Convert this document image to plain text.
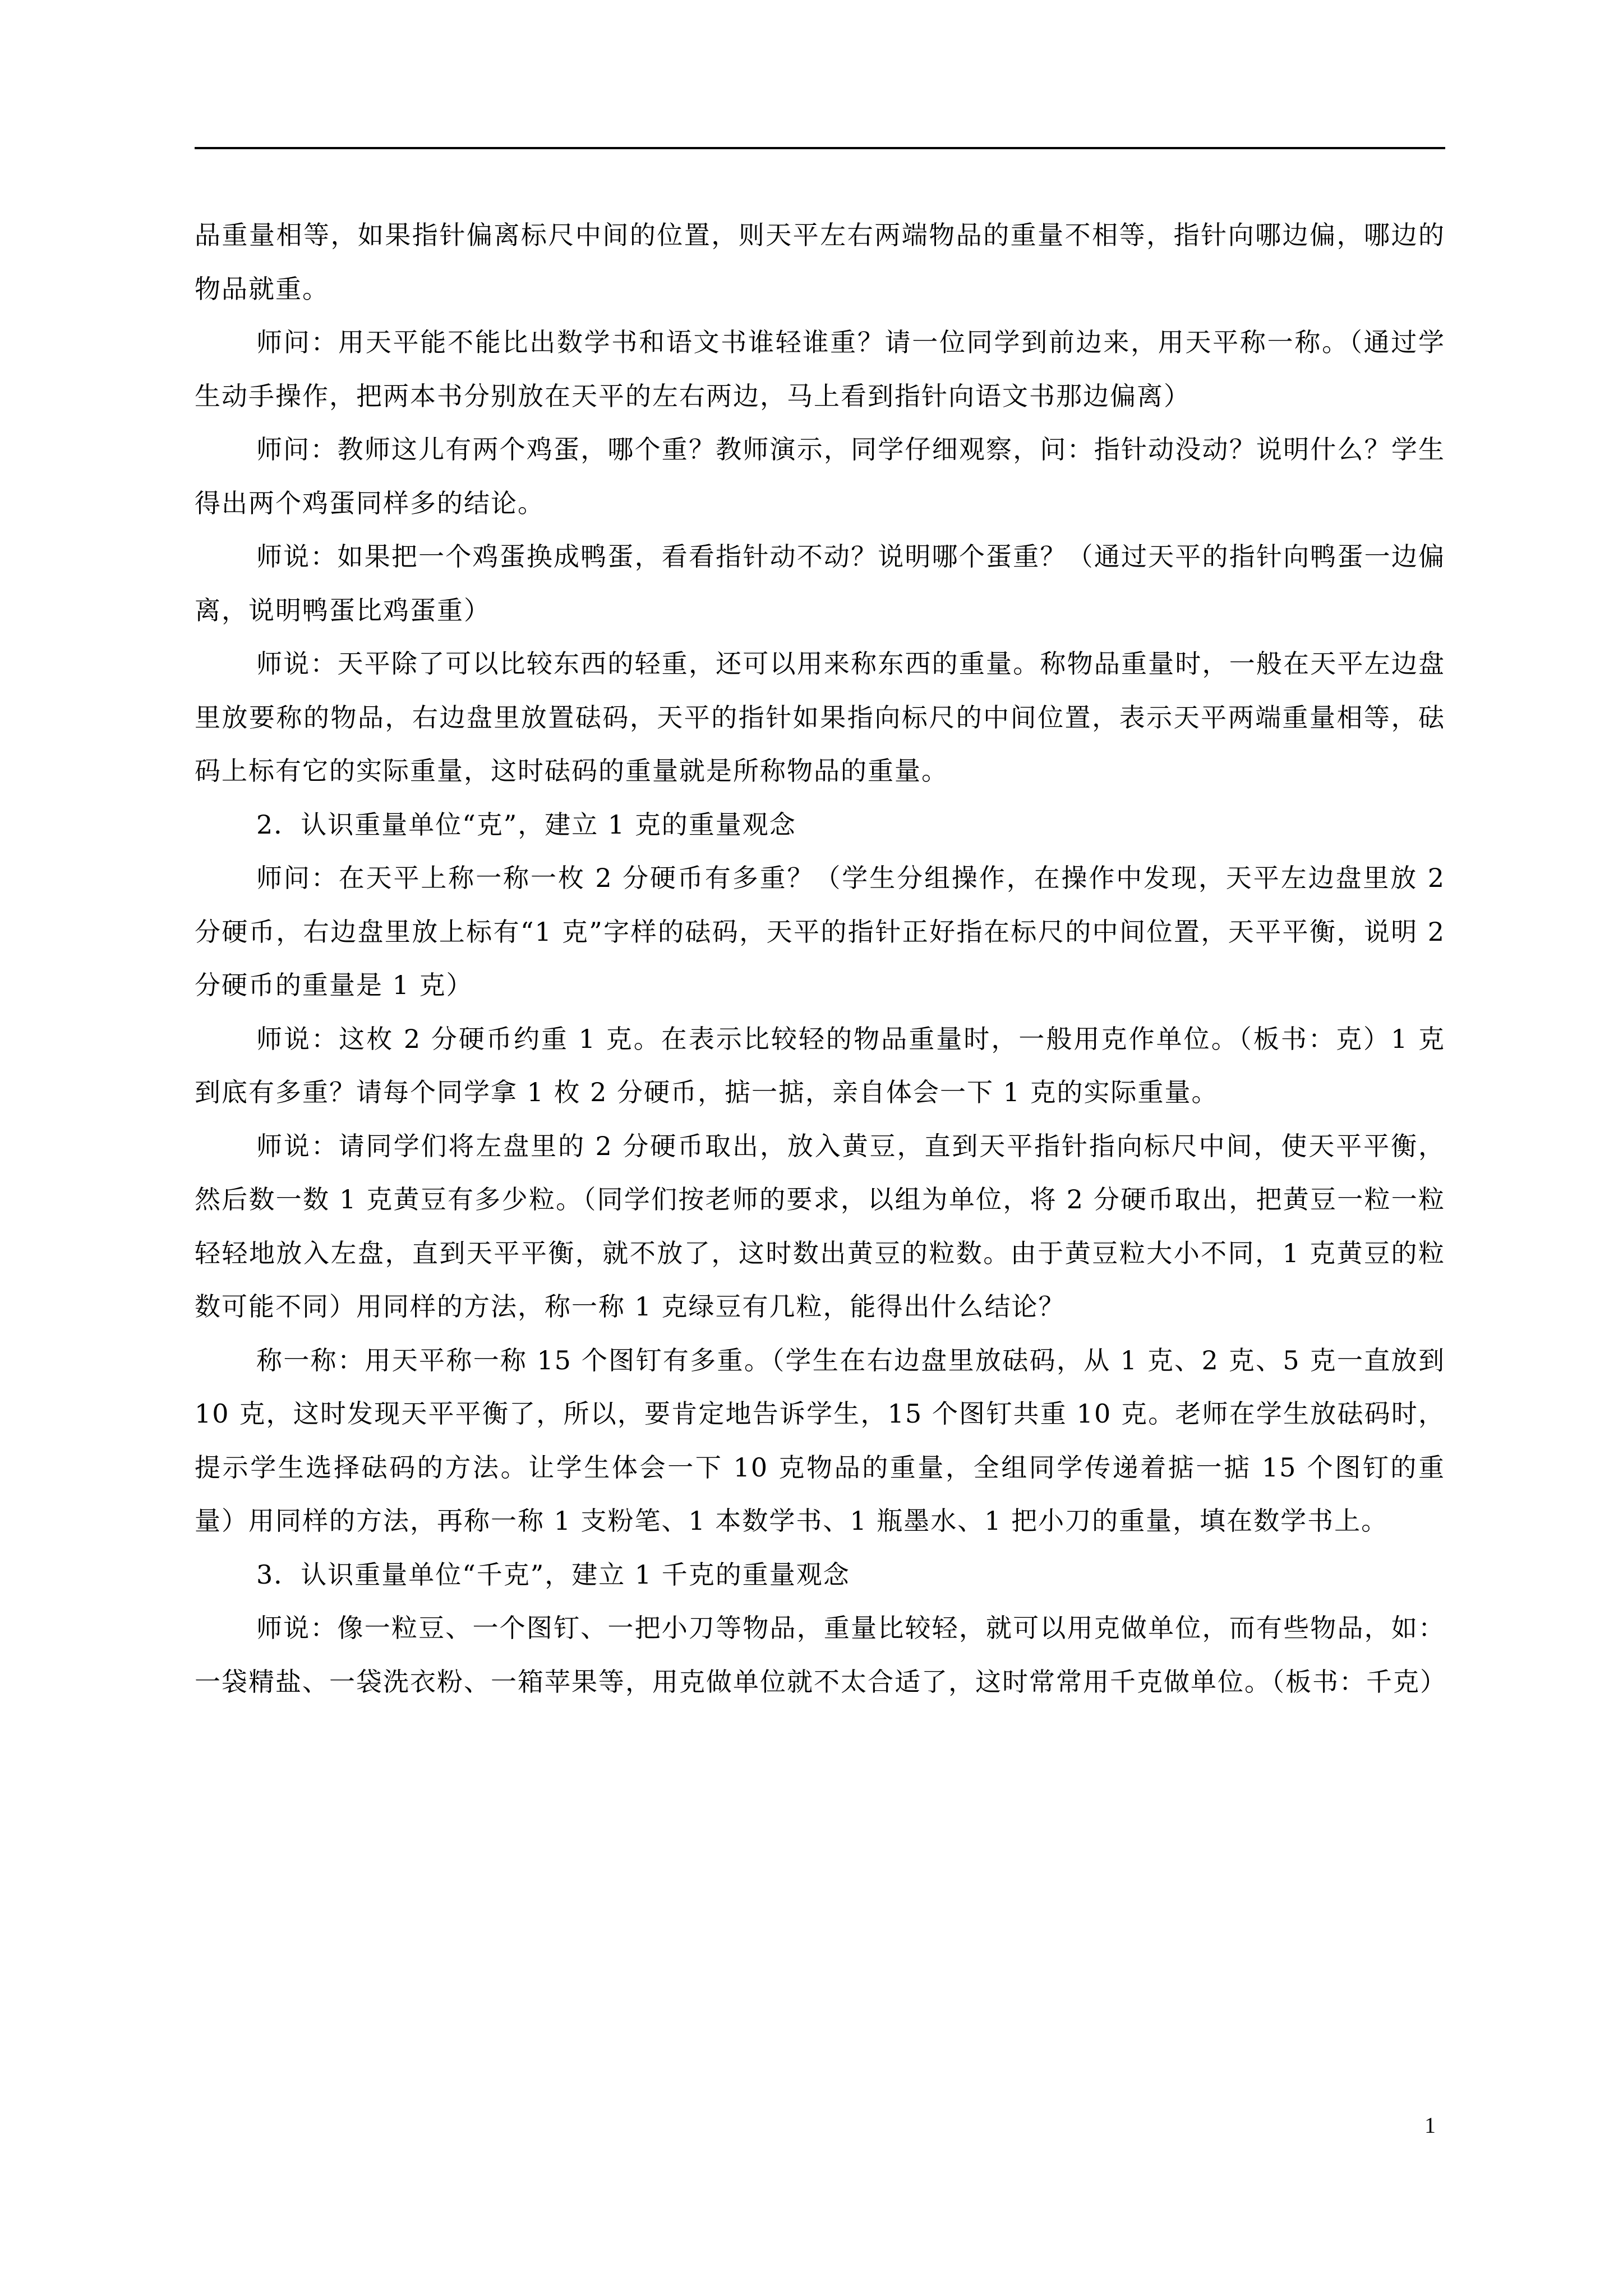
品重量相等，如果指针偏离标尺中间的位置，则天平左右两端物品的重量不相等，指针向哪边偏，哪边的物品就重。

师问：用天平能不能比出数学书和语文书谁轻谁重？请一位同学到前边来，用天平称一称。（通过学生动手操作，把两本书分别放在天平的左右两边，马上看到指针向语文书那边偏离）

师问：教师这儿有两个鸡蛋，哪个重？教师演示，同学仔细观察，问：指针动没动？说明什么？学生得出两个鸡蛋同样多的结论。

师说：如果把一个鸡蛋换成鸭蛋，看看指针动不动？说明哪个蛋重？（通过天平的指针向鸭蛋一边偏离，说明鸭蛋比鸡蛋重）

师说：天平除了可以比较东西的轻重，还可以用来称东西的重量。称物品重量时，一般在天平左边盘里放要称的物品，右边盘里放置砝码，天平的指针如果指向标尺的中间位置，表示天平两端重量相等，砝码上标有它的实际重量，这时砝码的重量就是所称物品的重量。

2．认识重量单位“克”，建立 1 克的重量观念

师问：在天平上称一称一枚 2 分硬币有多重？（学生分组操作，在操作中发现，天平左边盘里放 2 分硬币，右边盘里放上标有“1 克”字样的砝码，天平的指针正好指在标尺的中间位置，天平平衡，说明 2 分硬币的重量是 1 克）

师说：这枚 2 分硬币约重 1 克。在表示比较轻的物品重量时，一般用克作单位。（板书：克）1 克到底有多重？请每个同学拿 1 枚 2 分硬币，掂一掂，亲自体会一下 1 克的实际重量。

师说：请同学们将左盘里的 2 分硬币取出，放入黄豆，直到天平指针指向标尺中间，使天平平衡，然后数一数 1 克黄豆有多少粒。（同学们按老师的要求，以组为单位，将 2 分硬币取出，把黄豆一粒一粒轻轻地放入左盘，直到天平平衡，就不放了，这时数出黄豆的粒数。由于黄豆粒大小不同，1 克黄豆的粒数可能不同）用同样的方法，称一称 1 克绿豆有几粒，能得出什么结论？

称一称：用天平称一称 15 个图钉有多重。（学生在右边盘里放砝码，从 1 克、2 克、5 克一直放到 10 克，这时发现天平平衡了，所以，要肯定地告诉学生，15 个图钉共重 10 克。老师在学生放砝码时，提示学生选择砝码的方法。让学生体会一下 10 克物品的重量，全组同学传递着掂一掂 15 个图钉的重量）用同样的方法，再称一称 1 支粉笔、1 本数学书、1 瓶墨水、1 把小刀的重量，填在数学书上。

3．认识重量单位“千克”，建立 1 千克的重量观念

师说：像一粒豆、一个图钉、一把小刀等物品，重量比较轻，就可以用克做单位，而有些物品，如：一袋精盐、一袋洗衣粉、一箱苹果等，用克做单位就不太合适了，这时常常用千克做单位。（板书：千克）

1
